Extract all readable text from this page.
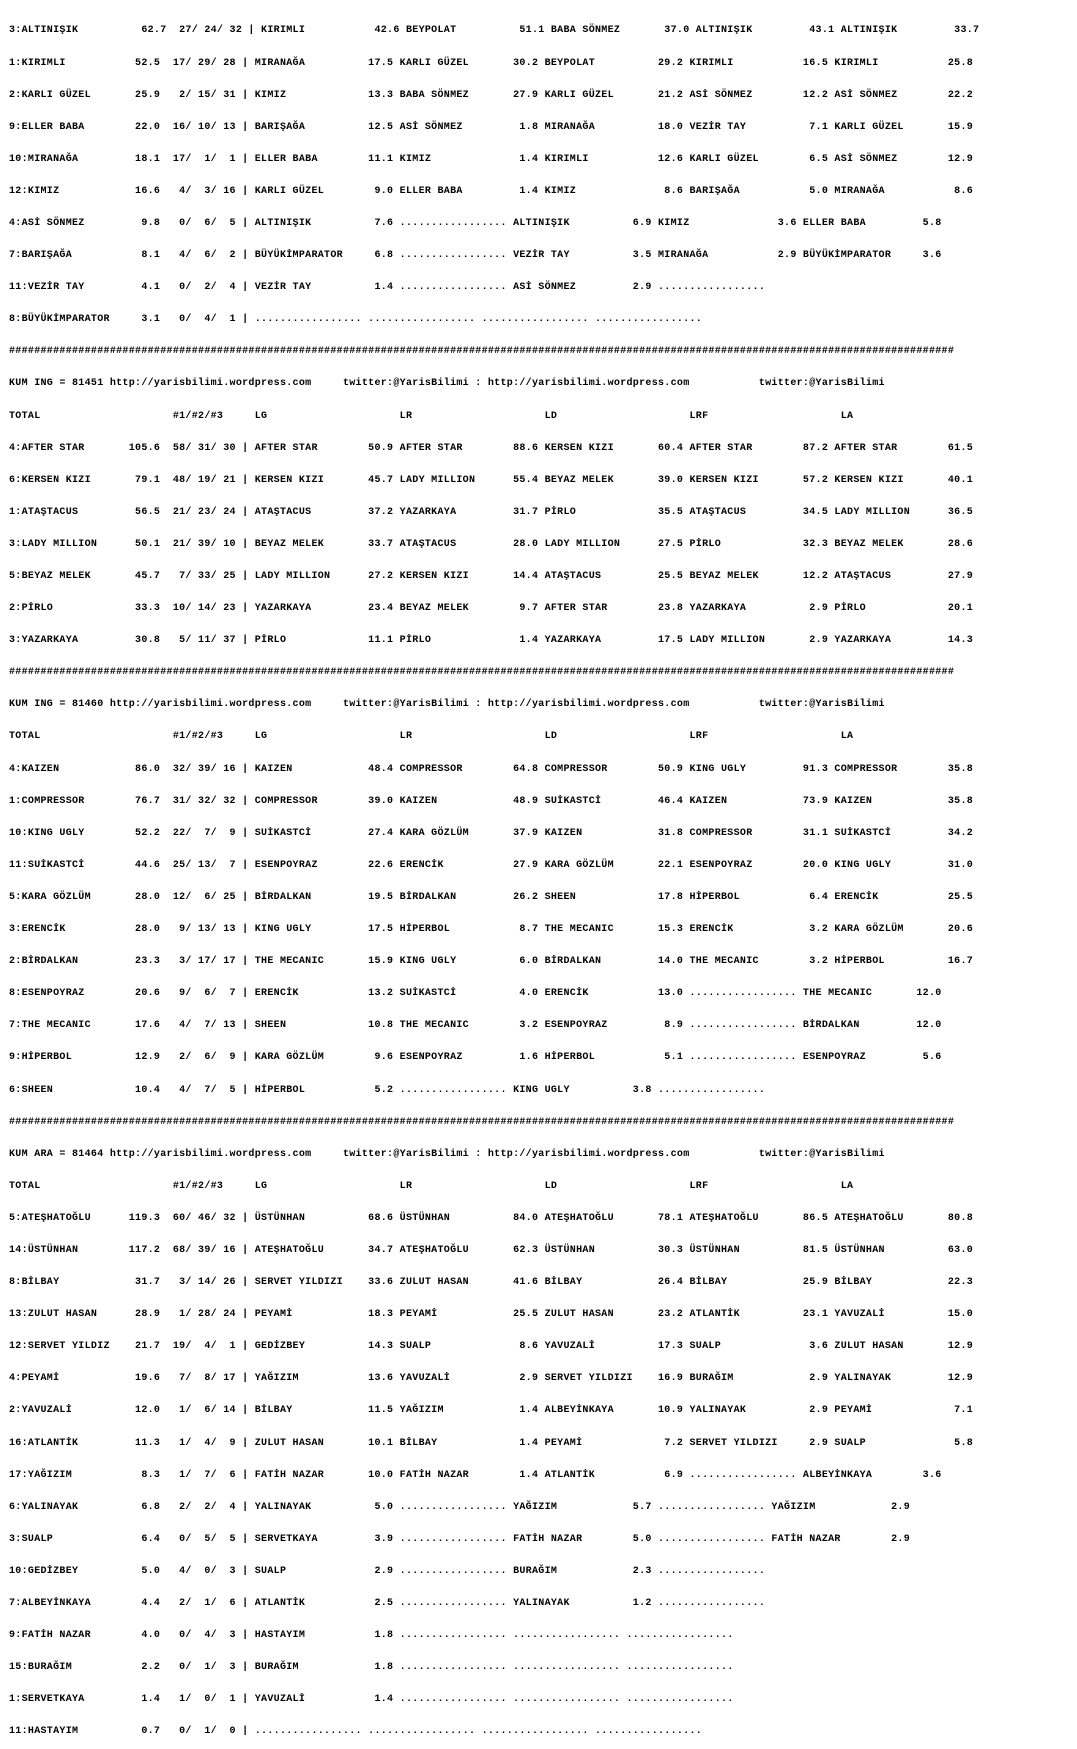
3:ALTINIŞIK          62.7  27/ 24/ 32 | KIRIMLI           42.6 BEYPOLAT          51.1 BABA SÖNMEZ       37.0 ALTINIŞIK         43.1 ALTINIŞIK         33.7

1:KIRIMLI           52.5  17/ 29/ 28 | MIRANAĞA          17.5 KARLI GÜZEL       30.2 BEYPOLAT          29.2 KIRIMLI           16.5 KIRIMLI           25.8

2:KARLI GÜZEL       25.9   2/ 15/ 31 | KIMIZ             13.3 BABA SÖNMEZ       27.9 KARLI GÜZEL       21.2 ASİ SÖNMEZ        12.2 ASİ SÖNMEZ        22.2

9:ELLER BABA        22.0  16/ 10/ 13 | BARIŞAĞA          12.5 ASİ SÖNMEZ         1.8 MIRANAĞA          18.0 VEZİR TAY          7.1 KARLI GÜZEL       15.9

10:MIRANAĞA         18.1  17/  1/  1 | ELLER BABA        11.1 KIMIZ              1.4 KIRIMLI           12.6 KARLI GÜZEL        6.5 ASİ SÖNMEZ        12.9

12:KIMIZ            16.6   4/  3/ 16 | KARLI GÜZEL        9.0 ELLER BABA         1.4 KIMIZ              8.6 BARIŞAĞA           5.0 MIRANAĞA           8.6

4:ASİ SÖNMEZ         9.8   0/  6/  5 | ALTINIŞIK          7.6 ................. ALTINIŞIK          6.9 KIMIZ              3.6 ELLER BABA         5.8

7:BARIŞAĞA           8.1   4/  6/  2 | BÜYÜKİMPARATOR     6.8 ................. VEZİR TAY          3.5 MIRANAĞA           2.9 BÜYÜKİMPARATOR     3.6

11:VEZİR TAY         4.1   0/  2/  4 | VEZİR TAY          1.4 ................. ASİ SÖNMEZ         2.9 .................

8:BÜYÜKİMPARATOR     3.1   0/  4/  1 | ................. ................. ................. .................

######################################################################################################################################################

KUM ING = 81451 http://yarisbilimi.wordpress.com     twitter:@YarisBilimi : http://yarisbilimi.wordpress.com           twitter:@YarisBilimi

TOTAL                     #1/#2/#3     LG                     LR                     LD                     LRF                     LA

4:AFTER STAR       105.6  58/ 31/ 30 | AFTER STAR        50.9 AFTER STAR        88.6 KERSEN KIZI       60.4 AFTER STAR        87.2 AFTER STAR        61.5

6:KERSEN KIZI       79.1  48/ 19/ 21 | KERSEN KIZI       45.7 LADY MILLION      55.4 BEYAZ MELEK       39.0 KERSEN KIZI       57.2 KERSEN KIZI       40.1

1:ATAŞTACUS         56.5  21/ 23/ 24 | ATAŞTACUS         37.2 YAZARKAYA         31.7 PİRLO             35.5 ATAŞTACUS         34.5 LADY MILLION      36.5

3:LADY MILLION      50.1  21/ 39/ 10 | BEYAZ MELEK       33.7 ATAŞTACUS         28.0 LADY MILLION      27.5 PİRLO             32.3 BEYAZ MELEK       28.6

5:BEYAZ MELEK       45.7   7/ 33/ 25 | LADY MILLION      27.2 KERSEN KIZI       14.4 ATAŞTACUS         25.5 BEYAZ MELEK       12.2 ATAŞTACUS         27.9

2:PİRLO             33.3  10/ 14/ 23 | YAZARKAYA         23.4 BEYAZ MELEK        9.7 AFTER STAR        23.8 YAZARKAYA          2.9 PİRLO             20.1

3:YAZARKAYA         30.8   5/ 11/ 37 | PİRLO             11.1 PİRLO              1.4 YAZARKAYA         17.5 LADY MILLION       2.9 YAZARKAYA         14.3

######################################################################################################################################################

KUM ING = 81460 http://yarisbilimi.wordpress.com     twitter:@YarisBilimi : http://yarisbilimi.wordpress.com           twitter:@YarisBilimi

TOTAL                     #1/#2/#3     LG                     LR                     LD                     LRF                     LA

4:KAIZEN            86.0  32/ 39/ 16 | KAIZEN            48.4 COMPRESSOR        64.8 COMPRESSOR        50.9 KING UGLY         91.3 COMPRESSOR        35.8

1:COMPRESSOR        76.7  31/ 32/ 32 | COMPRESSOR        39.0 KAIZEN            48.9 SUİKASTCİ         46.4 KAIZEN            73.9 KAIZEN            35.8

10:KING UGLY        52.2  22/  7/  9 | SUİKASTCİ         27.4 KARA GÖZLÜM       37.9 KAIZEN            31.8 COMPRESSOR        31.1 SUİKASTCİ         34.2

11:SUİKASTCİ        44.6  25/ 13/  7 | ESENPOYRAZ        22.6 ERENCİK           27.9 KARA GÖZLÜM       22.1 ESENPOYRAZ        20.0 KING UGLY         31.0

5:KARA GÖZLÜM       28.0  12/  6/ 25 | BİRDALKAN         19.5 BİRDALKAN         26.2 SHEEN             17.8 HİPERBOL           6.4 ERENCİK           25.5

3:ERENCİK           28.0   9/ 13/ 13 | KING UGLY         17.5 HİPERBOL           8.7 THE MECANIC       15.3 ERENCİK            3.2 KARA GÖZLÜM       20.6

2:BİRDALKAN         23.3   3/ 17/ 17 | THE MECANIC       15.9 KING UGLY          6.0 BİRDALKAN         14.0 THE MECANIC        3.2 HİPERBOL          16.7

8:ESENPOYRAZ        20.6   9/  6/  7 | ERENCİK           13.2 SUİKASTCİ          4.0 ERENCİK           13.0 ................. THE MECANIC       12.0

7:THE MECANIC       17.6   4/  7/ 13 | SHEEN             10.8 THE MECANIC        3.2 ESENPOYRAZ         8.9 ................. BİRDALKAN         12.0

9:HİPERBOL          12.9   2/  6/  9 | KARA GÖZLÜM        9.6 ESENPOYRAZ         1.6 HİPERBOL           5.1 ................. ESENPOYRAZ         5.6

6:SHEEN             10.4   4/  7/  5 | HİPERBOL           5.2 ................. KING UGLY          3.8 .................

######################################################################################################################################################

KUM ARA = 81464 http://yarisbilimi.wordpress.com     twitter:@YarisBilimi : http://yarisbilimi.wordpress.com           twitter:@YarisBilimi

TOTAL                     #1/#2/#3     LG                     LR                     LD                     LRF                     LA

5:ATEŞHATOĞLU      119.3  60/ 46/ 32 | ÜSTÜNHAN          68.6 ÜSTÜNHAN          84.0 ATEŞHATOĞLU       78.1 ATEŞHATOĞLU       86.5 ATEŞHATOĞLU       80.8

14:ÜSTÜNHAN        117.2  68/ 39/ 16 | ATEŞHATOĞLU       34.7 ATEŞHATOĞLU       62.3 ÜSTÜNHAN          30.3 ÜSTÜNHAN          81.5 ÜSTÜNHAN          63.0

8:BİLBAY            31.7   3/ 14/ 26 | SERVET YILDIZI    33.6 ZULUT HASAN       41.6 BİLBAY            26.4 BİLBAY            25.9 BİLBAY            22.3

13:ZULUT HASAN      28.9   1/ 28/ 24 | PEYAMİ            18.3 PEYAMİ            25.5 ZULUT HASAN       23.2 ATLANTİK          23.1 YAVUZALİ          15.0

12:SERVET YILDIZ    21.7  19/  4/  1 | GEDİZBEY          14.3 SUALP              8.6 YAVUZALİ          17.3 SUALP              3.6 ZULUT HASAN       12.9

4:PEYAMİ            19.6   7/  8/ 17 | YAĞIZIM           13.6 YAVUZALİ           2.9 SERVET YILDIZI    16.9 BURAĞIM            2.9 YALINAYAK         12.9

2:YAVUZALİ          12.0   1/  6/ 14 | BİLBAY            11.5 YAĞIZIM            1.4 ALBEYİNKAYA       10.9 YALINAYAK          2.9 PEYAMİ             7.1

16:ATLANTİK         11.3   1/  4/  9 | ZULUT HASAN       10.1 BİLBAY             1.4 PEYAMİ             7.2 SERVET YILDIZI     2.9 SUALP              5.8

17:YAĞIZIM           8.3   1/  7/  6 | FATİH NAZAR       10.0 FATİH NAZAR        1.4 ATLANTİK           6.9 ................. ALBEYİNKAYA        3.6

6:YALINAYAK          6.8   2/  2/  4 | YALINAYAK          5.0 ................. YAĞIZIM            5.7 ................. YAĞIZIM            2.9

3:SUALP              6.4   0/  5/  5 | SERVETKAYA         3.9 ................. FATİH NAZAR        5.0 ................. FATİH NAZAR        2.9

10:GEDİZBEY          5.0   4/  0/  3 | SUALP              2.9 ................. BURAĞIM            2.3 .................

7:ALBEYİNKAYA        4.4   2/  1/  6 | ATLANTİK           2.5 ................. YALINAYAK          1.2 .................

9:FATİH NAZAR        4.0   0/  4/  3 | HASTAYIM           1.8 ................. ................. .................

15:BURAĞIM           2.2   0/  1/  3 | BURAĞIM            1.8 ................. ................. .................

1:SERVETKAYA         1.4   1/  0/  1 | YAVUZALİ           1.4 ................. ................. .................

11:HASTAYIM          0.7   0/  1/  0 | ................. ................. ................. .................
